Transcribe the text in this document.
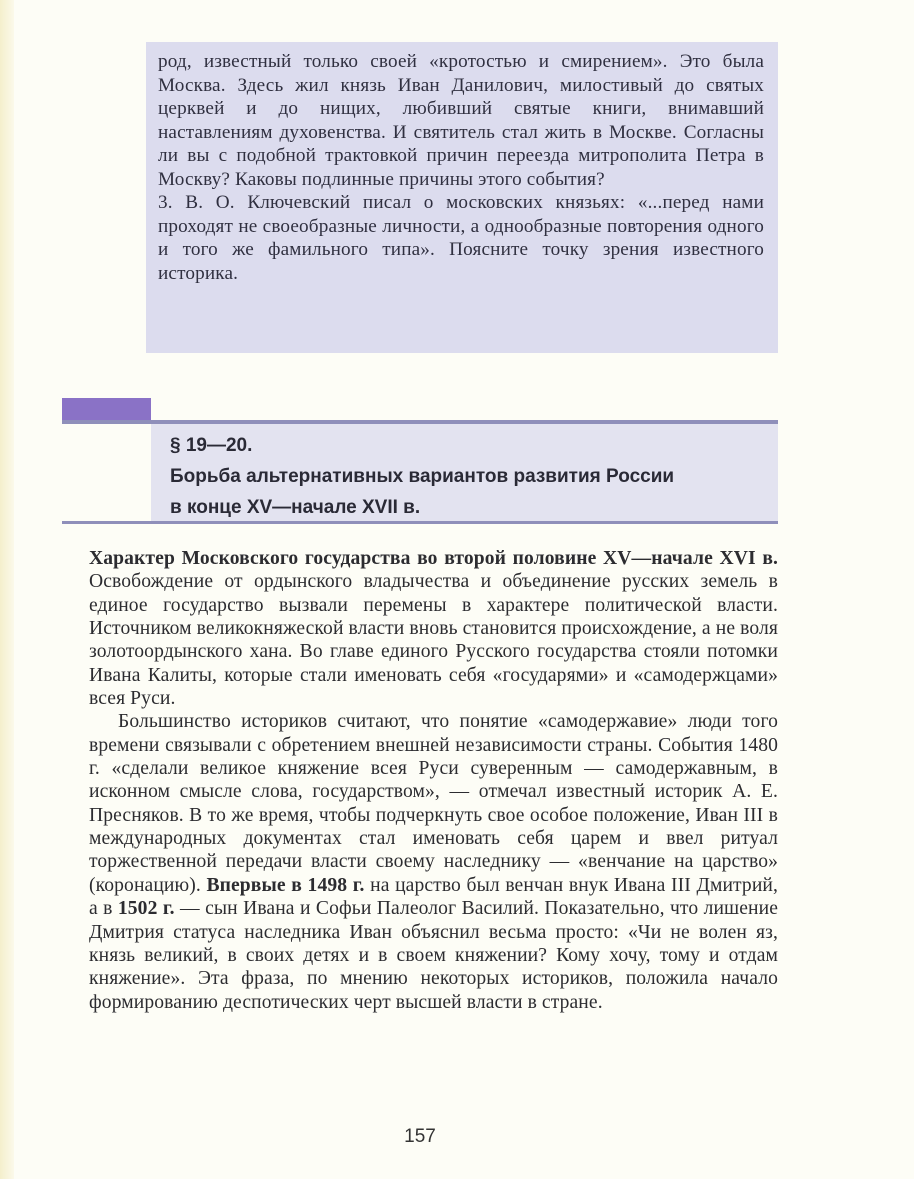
род, известный только своей «кротостью и смирением». Это была Москва. Здесь жил князь Иван Данилович, милостивый до святых церквей и до нищих, любивший святые книги, внимавший наставлениям духовенства. И святитель стал жить в Москве. Согласны ли вы с подобной трактовкой причин переезда митрополита Петра в Москву? Каковы подлинные причины этого события?

3. В. О. Ключевский писал о московских князьях: «...перед нами проходят не своеобразные личности, а однообразные повторения одного и того же фамильного типа». Поясните точку зрения известного историка.

§ 19—20.
Борьба альтернативных вариантов развития России
в конце XV—начале XVII в.

Характер Московского государства во второй половине XV—начале XVI в. Освобождение от ордынского владычества и объединение русских земель в единое государство вызвали перемены в характере политической власти. Источником великокняжеской власти вновь становится происхождение, а не воля золотоордынского хана. Во главе единого Русского государства стояли потомки Ивана Калиты, которые стали именовать себя «государями» и «самодержцами» всея Руси.

Большинство историков считают, что понятие «самодержавие» люди того времени связывали с обретением внешней независимости страны. События 1480 г. «сделали великое княжение всея Руси суверенным — самодержавным, в исконном смысле слова, государством», — отмечал известный историк А. Е. Пресняков. В то же время, чтобы подчеркнуть свое особое положение, Иван III в международных документах стал именовать себя царем и ввел ритуал торжественной передачи власти своему наследнику — «венчание на царство» (коронацию). Впервые в 1498 г. на царство был венчан внук Ивана III Дмитрий, а в 1502 г. — сын Ивана и Софьи Палеолог Василий. Показательно, что лишение Дмитрия статуса наследника Иван объяснил весьма просто: «Чи не волен яз, князь великий, в своих детях и в своем княжении? Кому хочу, тому и отдам княжение». Эта фраза, по мнению некоторых историков, положила начало формированию деспотических черт высшей власти в стране.

157
